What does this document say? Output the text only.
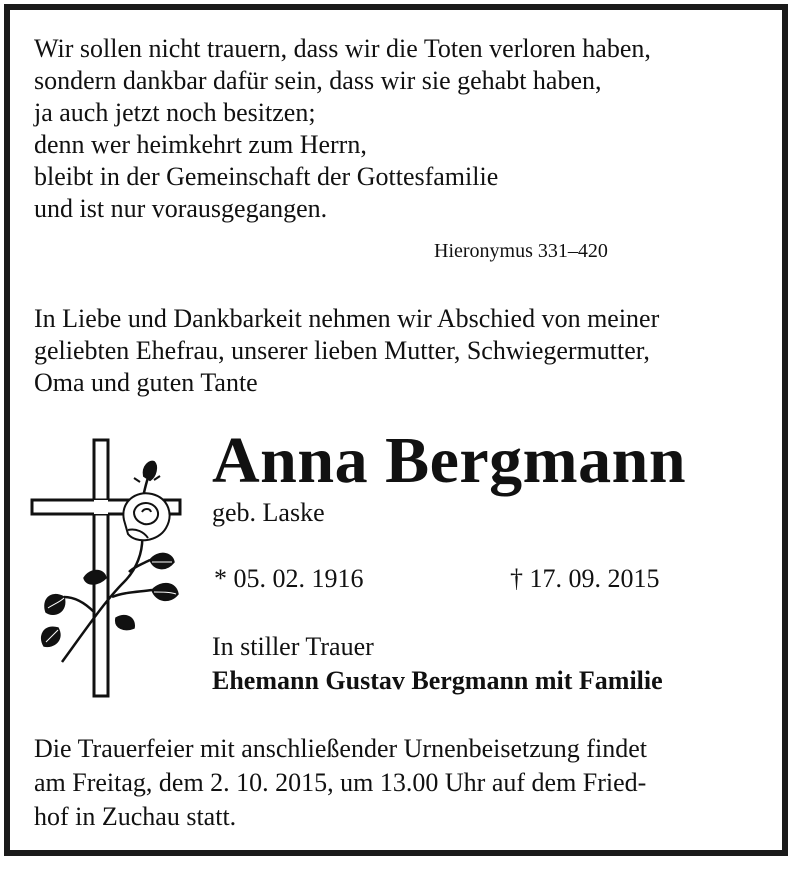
Wir sollen nicht trauern, dass wir die Toten verloren haben,
sondern dankbar dafür sein, dass wir sie gehabt haben,
ja auch jetzt noch besitzen;
denn wer heimkehrt zum Herrn,
bleibt in der Gemeinschaft der Gottesfamilie
und ist nur vorausgegangen.
Hieronymus 331–420
In Liebe und Dankbarkeit nehmen wir Abschied von meiner
geliebten Ehefrau, unserer lieben Mutter, Schwiegermutter,
Oma und guten Tante
Anna Bergmann
geb. Laske
* 05. 02. 1916	† 17. 09. 2015
In stiller Trauer
Ehemann Gustav Bergmann mit Familie
Die Trauerfeier mit anschließender Urnenbeisetzung findet
am Freitag, dem 2. 10. 2015, um 13.00 Uhr auf dem Fried-
hof in Zuchau statt.
